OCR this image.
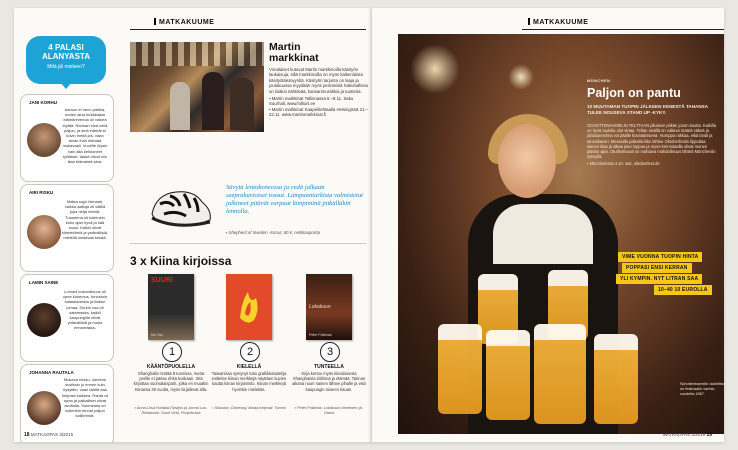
MATKAKUUME
4 PALASI ALANYASTA
Mitä jäi mieleen?
JANI KORHU
Aamun ei heno palkka, moten aina turkkilaista elämänmenoa oli vaikea löytää. Rannan eikä vielä paljon, ja sinä elämät ei kovin meitä jos, vaan aivan ihan elämää mukavasti. Vuorille löysin vain alla kellooneet työläiset, taidot olivat niin liian elämäntä aina.
AIRI RISKU
Matka sujui hienosti, vaikka aaltoja oli välillä jopa neljä metriä. Tunnelma oli kuitenkin koko ajan hyvä ja sää suosi. Kaikki olivat kiireettömiä ja ystävällisiä, mielellä loistavaa kesää.
LAMIN SAINE
Lomani kokonaisuus oli upea kokemus. Innostuin kalastuksesta ja lisäsin lomaa. Suurin osa oli satamassa, kaikki kaupungilla olivat ystävällisiä ja ruoka erinomaista.
JOHANNA RAUTALA
Mukava reissu, olemme suvittain jo ennen kuin kysyttiin, vaan täältä saa helposti kaikkea. Ranta oli upea ja paikalliset olivat avuliaita. Suomessa on kuitenkin hinnat paljon kalliimmat.
Martin
markkinat
Viroalaiset kutovat Martin markkinoilla käsityön laukaisuja, sillä markkinoilla on myös kaikenlaista käsityöläismyyntiä. Käsityön tarjonta on laaja ja joulukuussa myydään myös perinteisiä Sakuhallissa on lisäksi nähtävää, kansanmusiikkia ja tuotteita.
▪ Martin markkinat Tallinnassa 6.–8.11. Saku Suurhall, www.folkart.ee
▪ Martin markkinat Kaapelitehtaalla Helsingissä 21.–22.11. www.martinmarkkinat.fi
Sävytä lentokoneessa ja vedä jalkaan seeprakuvioiset tossut. Lampaanturkista valmistetut jalkineet pitävät varpaat lämpiminä pitkälläkin lennolla.
▪ Shepherd of Sweden -tossut, 80 €, nettikaupoista
3 x Kiina kirjoissa
SUURI
Mo Yan
Lokakuun
Peter Polkinas
1	2	3
KÄÄNTÖPUOLELLA	KIELELLÄ	TUNTEELLA
Shanghailin lentää 9 tunnissa, mutta perille ei pääse ehkä koskaan. Sitä kirjoittaa suomalaisparit, jotka eri muutkin Kiinassa 30 vuotta, myös kirjailevat alla.
Taiwanissa syntynyt tuttu grafiikkataitelija esittelee kiinan merkkejä näyttäen kuvien kautta kiinan kirjaimisto. Kiinan merkkejä hyvinkin mielekäs.
Kirja kertoo myös kiinalaisesta Shanghaista tiirilinnä ja elämää. Tarinan aikana nuori nainen lähtee pihalle ja etsii kaupungin toiseen kauan.
▪ Anna-Liisa Huhtala-Flavijns ja Jorma Luo-Rintakoski: Suuri Virta, Pohjoisvirta
▪ Shaolan: Chineasy, kiinaa helposti. Tammi	▪ Peter Polkinas: Lokakuun viimeinen yö. Otava
18 MATKAOPAS 3/2015
MATKAKUUME
MÜNCHEN
Paljon on pantu
10 MUUTAMAN TUOPIN JÄLKEEN KENESTÄ TAHANSA TULEE NOUSEVA STAND UP -KYKY.
SCHOTTENHAMELIN TELTTAAN pikaisen pitkän jonon kautta. Kaikilla on hyvä tuulella olut virtaa. Teltan sisällä on valtava määrä väkeä ja juhlatunnelma voi päälle kovaäänisenä. Humppa rakkaa, eikä lantit ja tanssikaveri. Messuilla paikalla liike lähtee Oktoberfestin lipputtaa sienen tilaa ja alkaa pian loppua ja myös kerrostaalla olivat monen päivän ajan. Olutfestivaali on mahtava mahdollisuus lähteä Müncheniin syksyllä.
▪ Münchenissä 4.10. asti, oktoberfest.de
VIME VUONNA TUOPIN HINTA
POPPASI ENSI KERRAN
YLI KYMPIN. NYT LITRAN SAA
10–40 10 EUROLLA
Schottenhamelin olutteltta on festivaalin vanhin, vuodelta 1867.
MATKAOPAS 3/2015 19
